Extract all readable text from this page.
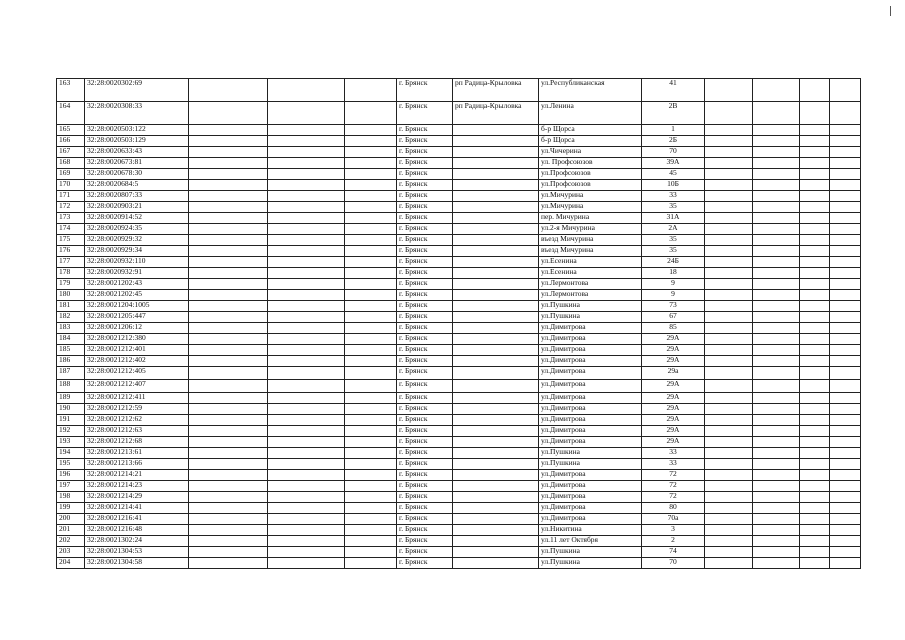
163	32:28:0020302:69				г. Брянск	рп Радица-Крыловка	ул.Республиканская	41				
164	32:28:0020308:33				г. Брянск	рп Радица-Крыловка	ул.Ленина	2В				
165	32:28:0020503:122				г. Брянск		б-р Щорса	1				
166	32:28:0020503:129				г. Брянск		б-р Щорса	2Б				
167	32:28:0020633:43				г. Брянск		ул.Чичерина	70				
168	32:28:0020673:81				г. Брянск		ул. Профсоюзов	39А				
169	32:28:0020678:30				г. Брянск		ул.Профсоюзов	45				
170	32:28:0020684:5				г. Брянск		ул.Профсоюзов	10Б				
171	32:28:0020807:33				г. Брянск		ул.Мичурина	33				
172	32:28:0020903:21				г. Брянск		ул.Мичурина	35				
173	32:28:0020914:52				г. Брянск		пер. Мичурина	31А				
174	32:28:0020924:35				г. Брянск		ул.2-я Мичурина	2А				
175	32:28:0020929:32				г. Брянск		въезд Мичурина	35				
176	32:28:0020929:34				г. Брянск		въезд Мичурина	35				
177	32:28:0020932:110				г. Брянск		ул.Есенина	24Б				
178	32:28:0020932:91				г. Брянск		ул.Есенина	18				
179	32:28:0021202:43				г. Брянск		ул.Лермонтова	9				
180	32:28:0021202:45				г. Брянск		ул.Лермонтова	9				
181	32:28:0021204:1005				г. Брянск		ул.Пушкина	73				
182	32:28:0021205:447				г. Брянск		ул.Пушкина	67				
183	32:28:0021206:12				г. Брянск		ул.Димитрова	85				
184	32:28:0021212:380				г. Брянск		ул.Димитрова	29А				
185	32:28:0021212:401				г. Брянск		ул.Димитрова	29А				
186	32:28:0021212:402				г. Брянск		ул.Димитрова	29А				
187	32:28:0021212:405				г. Брянск		ул.Димитрова	29а				
188	32:28:0021212:407				г. Брянск		ул.Димитрова	29А				
189	32:28:0021212:411				г. Брянск		ул.Димитрова	29А				
190	32:28:0021212:59				г. Брянск		ул.Димитрова	29А				
191	32:28:0021212:62				г. Брянск		ул.Димитрова	29А				
192	32:28:0021212:63				г. Брянск		ул.Димитрова	29А				
193	32:28:0021212:68				г. Брянск		ул.Димитрова	29А				
194	32:28:0021213:61				г. Брянск		ул.Пушкина	33				
195	32:28:0021213:66				г. Брянск		ул.Пушкина	33				
196	32:28:0021214:21				г. Брянск		ул.Димитрова	72				
197	32:28:0021214:23				г. Брянск		ул.Димитрова	72				
198	32:28:0021214:29				г. Брянск		ул.Димитрова	72				
199	32:28:0021214:41				г. Брянск		ул.Димитрова	80				
200	32:28:0021216:41				г. Брянск		ул.Димитрова	70а				
201	32:28:0021216:48				г. Брянск		ул.Никитина	3				
202	32:28:0021302:24				г. Брянск		ул.11 лет Октября	2				
203	32:28:0021304:53				г. Брянск		ул.Пушкина	74				
204	32:28:0021304:58				г. Брянск		ул.Пушкина	70				
